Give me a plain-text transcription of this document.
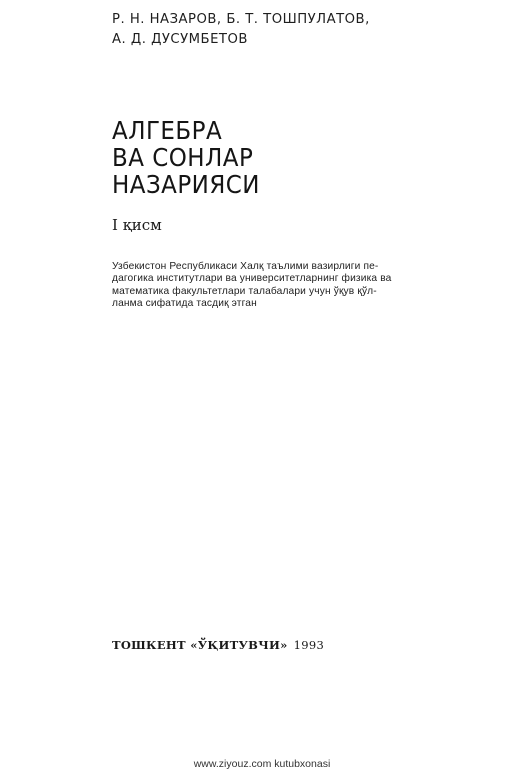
Р. Н. НАЗАРОВ, Б. Т. ТОШПУЛАТОВ,
А. Д. ДУСУМБЕТОВ
АЛГЕБРА
ВА СОНЛАР
НАЗАРИЯСИ
I қисм
Узбекистон Республикаси Халқ таълими вазирлиги пе-
дагогика институтлари ва университетларнинг физика ва
математика факультетлари талабалари учун ўқув қўл-
ланма сифатида тасдиқ этган
ТОШКЕНТ «ЎҚИТУВЧИ» 1993
www.ziyouz.com kutubxonasi
